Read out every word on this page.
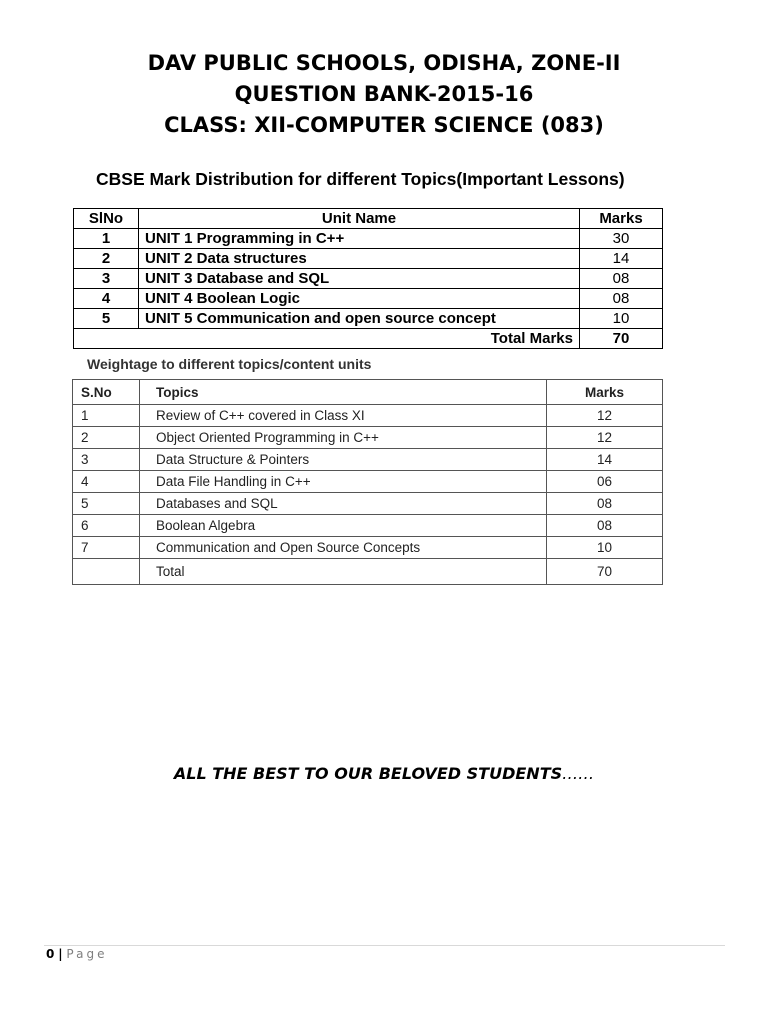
DAV PUBLIC SCHOOLS, ODISHA, ZONE-II
QUESTION BANK-2015-16
CLASS: XII-COMPUTER SCIENCE (083)
CBSE Mark Distribution for different Topics(Important Lessons)
SlNo	Unit Name	Marks
1	UNIT 1 Programming in C++	30
2	UNIT 2 Data structures	14
3	UNIT 3 Database and SQL	08
4	UNIT 4 Boolean Logic	08
5	UNIT 5 Communication and open source concept	10
Total Marks		70
Weightage to different topics/content units
S.No	Topics	Marks
1	Review of C++ covered in Class XI	12
2	Object Oriented Programming in C++	12
3	Data Structure & Pointers	14
4	Data File Handling in C++	06
5	Databases and SQL	08
6	Boolean Algebra	08
7	Communication and Open Source Concepts	10
	Total	70
ALL THE BEST TO OUR BELOVED STUDENTS……
0 | Page
